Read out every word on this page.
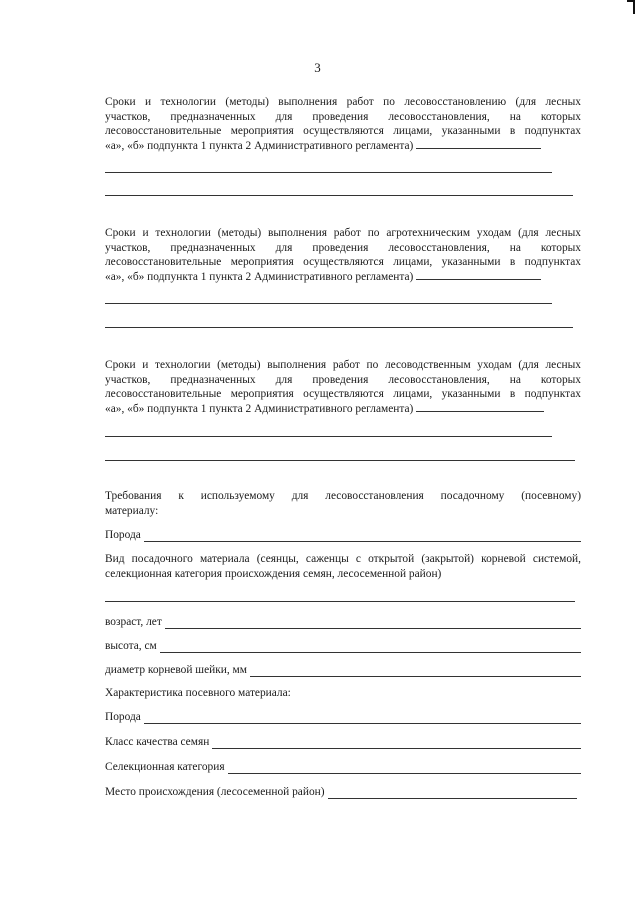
3
Сроки и технологии (методы) выполнения работ по лесовосстановлению (для лесных
участков, предназначенных для проведения лесовосстановления, на которых
лесовосстановительные мероприятия осуществляются лицами, указанными в подпунктах
«а», «б» подпункта 1 пункта 2 Административного регламента)
Сроки и технологии (методы) выполнения работ по агротехническим уходам (для лесных
участков, предназначенных для проведения лесовосстановления, на которых
лесовосстановительные мероприятия осуществляются лицами, указанными в подпунктах
«а», «б» подпункта 1 пункта 2 Административного регламента)
Сроки и технологии (методы) выполнения работ по лесоводственным уходам (для лесных
участков, предназначенных для проведения лесовосстановления, на которых
лесовосстановительные мероприятия осуществляются лицами, указанными в подпунктах
«а», «б» подпункта 1 пункта 2 Административного регламента)
Требования к используемому для лесовосстановления посадочному (посевному)
материалу:
Порода
Вид посадочного материала (сеянцы, саженцы с открытой (закрытой) корневой системой,
селекционная категория происхождения семян, лесосеменной район)
возраст, лет
высота, см
диаметр корневой шейки, мм
Характеристика посевного материала:
Порода
Класс качества семян
Селекционная категория
Место происхождения (лесосеменной район)
